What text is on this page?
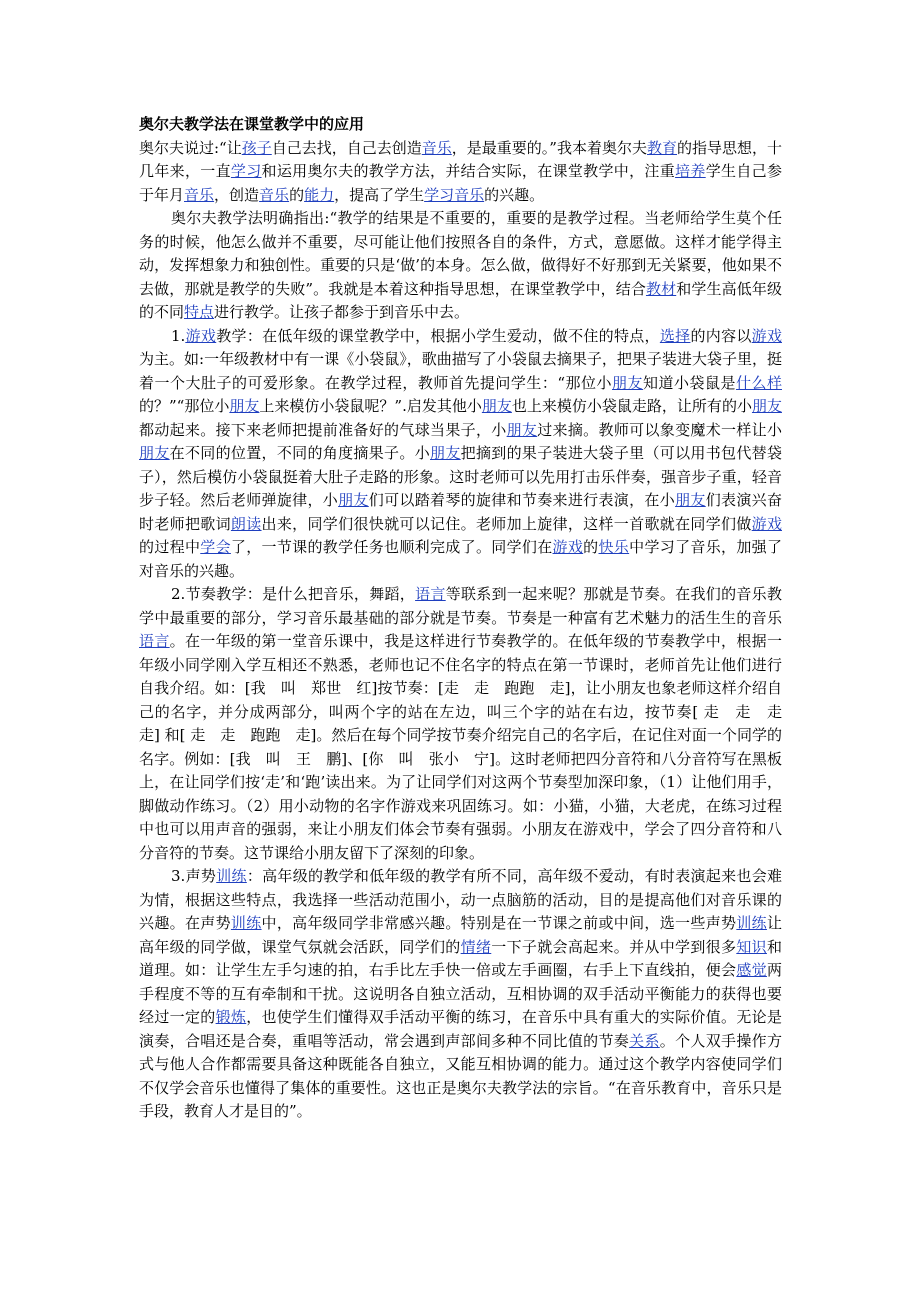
奥尔夫教学法在课堂教学中的应用

奥尔夫说过:“让孩子自己去找，自己去创造音乐，是最重要的。”我本着奥尔夫教育的指导思想，十几年来，一直学习和运用奥尔夫的教学方法，并结合实际，在课堂教学中，注重培养学生自己参于年月音乐，创造音乐的能力，提高了学生学习音乐的兴趣。

奥尔夫教学法明确指出:“教学的结果是不重要的，重要的是教学过程。当老师给学生莫个任务的时候，他怎么做并不重要，尽可能让他们按照各自的条件，方式，意愿做。这样才能学得主动，发挥想象力和独创性。重要的只是‘做’的本身。怎么做，做得好不好那到无关紧要，他如果不去做，那就是教学的失败”。我就是本着这种指导思想，在课堂教学中，结合教材和学生高低年级的不同特点进行教学。让孩子都参于到音乐中去。

1.游戏教学：在低年级的课堂教学中，根据小学生爱动，做不住的特点，选择的内容以游戏为主。如:一年级教材中有一课《小袋鼠》，歌曲描写了小袋鼠去摘果子，把果子装进大袋子里，挺着一个大肚子的可爱形象。在教学过程，教师首先提问学生：“那位小朋友知道小袋鼠是什么样的？”“那位小朋友上来模仿小袋鼠呢？”.启发其他小朋友也上来模仿小袋鼠走路，让所有的小朋友都动起来。接下来老师把提前准备好的气球当果子，小朋友过来摘。教师可以象变魔术一样让小朋友在不同的位置，不同的角度摘果子。小朋友把摘到的果子装进大袋子里（可以用书包代替袋子），然后模仿小袋鼠挺着大肚子走路的形象。这时老师可以先用打击乐伴奏，强音步子重，轻音步子轻。然后老师弹旋律，小朋友们可以踏着琴的旋律和节奏来进行表演，在小朋友们表演兴奋时老师把歌词朗读出来，同学们很快就可以记住。老师加上旋律，这样一首歌就在同学们做游戏的过程中学会了，一节课的教学任务也顺利完成了。同学们在游戏的快乐中学习了音乐，加强了对音乐的兴趣。

2.节奏教学：是什么把音乐，舞蹈，语言等联系到一起来呢？那就是节奏。在我们的音乐教学中最重要的部分，学习音乐最基础的部分就是节奏。节奏是一种富有艺术魅力的活生生的音乐语言。在一年级的第一堂音乐课中，我是这样进行节奏教学的。在低年级的节奏教学中，根据一年级小同学刚入学互相还不熟悉，老师也记不住名字的特点在第一节课时，老师首先让他们进行自我介绍。如：[我　叫　郑世　红]按节奏：[走　走　跑跑　走]，让小朋友也象老师这样介绍自己的名字，并分成两部分，叫两个字的站在左边，叫三个字的站在右边，按节奏[ 走　走　走　走] 和[ 走　走　跑跑　走]。然后在每个同学按节奏介绍完自己的名字后，在记住对面一个同学的名字。例如：[我　叫　王　鹏]、[你　叫　张小　宁]。这时老师把四分音符和八分音符写在黑板上，在让同学们按‘走’和‘跑’读出来。为了让同学们对这两个节奏型加深印象，（1）让他们用手，脚做动作练习。（2）用小动物的名字作游戏来巩固练习。如：小猫，小猫，大老虎，在练习过程中也可以用声音的强弱，来让小朋友们体会节奏有强弱。小朋友在游戏中，学会了四分音符和八分音符的节奏。这节课给小朋友留下了深刻的印象。

3.声势训练：高年级的教学和低年级的教学有所不同，高年级不爱动，有时表演起来也会难为情，根据这些特点，我选择一些活动范围小，动一点脑筋的活动，目的是提高他们对音乐课的兴趣。在声势训练中，高年级同学非常感兴趣。特别是在一节课之前或中间，选一些声势训练让高年级的同学做，课堂气氛就会活跃，同学们的情绪一下子就会高起来。并从中学到很多知识和道理。如：让学生左手匀速的拍，右手比左手快一倍或左手画圈，右手上下直线拍，便会感觉两手程度不等的互有牵制和干扰。这说明各自独立活动，互相协调的双手活动平衡能力的获得也要经过一定的锻炼，也使学生们懂得双手活动平衡的练习，在音乐中具有重大的实际价值。无论是演奏，合唱还是合奏，重唱等活动，常会遇到声部间多种不同比值的节奏关系。个人双手操作方式与他人合作都需要具备这种既能各自独立，又能互相协调的能力。通过这个教学内容使同学们不仅学会音乐也懂得了集体的重要性。这也正是奥尔夫教学法的宗旨。“在音乐教育中，音乐只是手段，教育人才是目的”。
